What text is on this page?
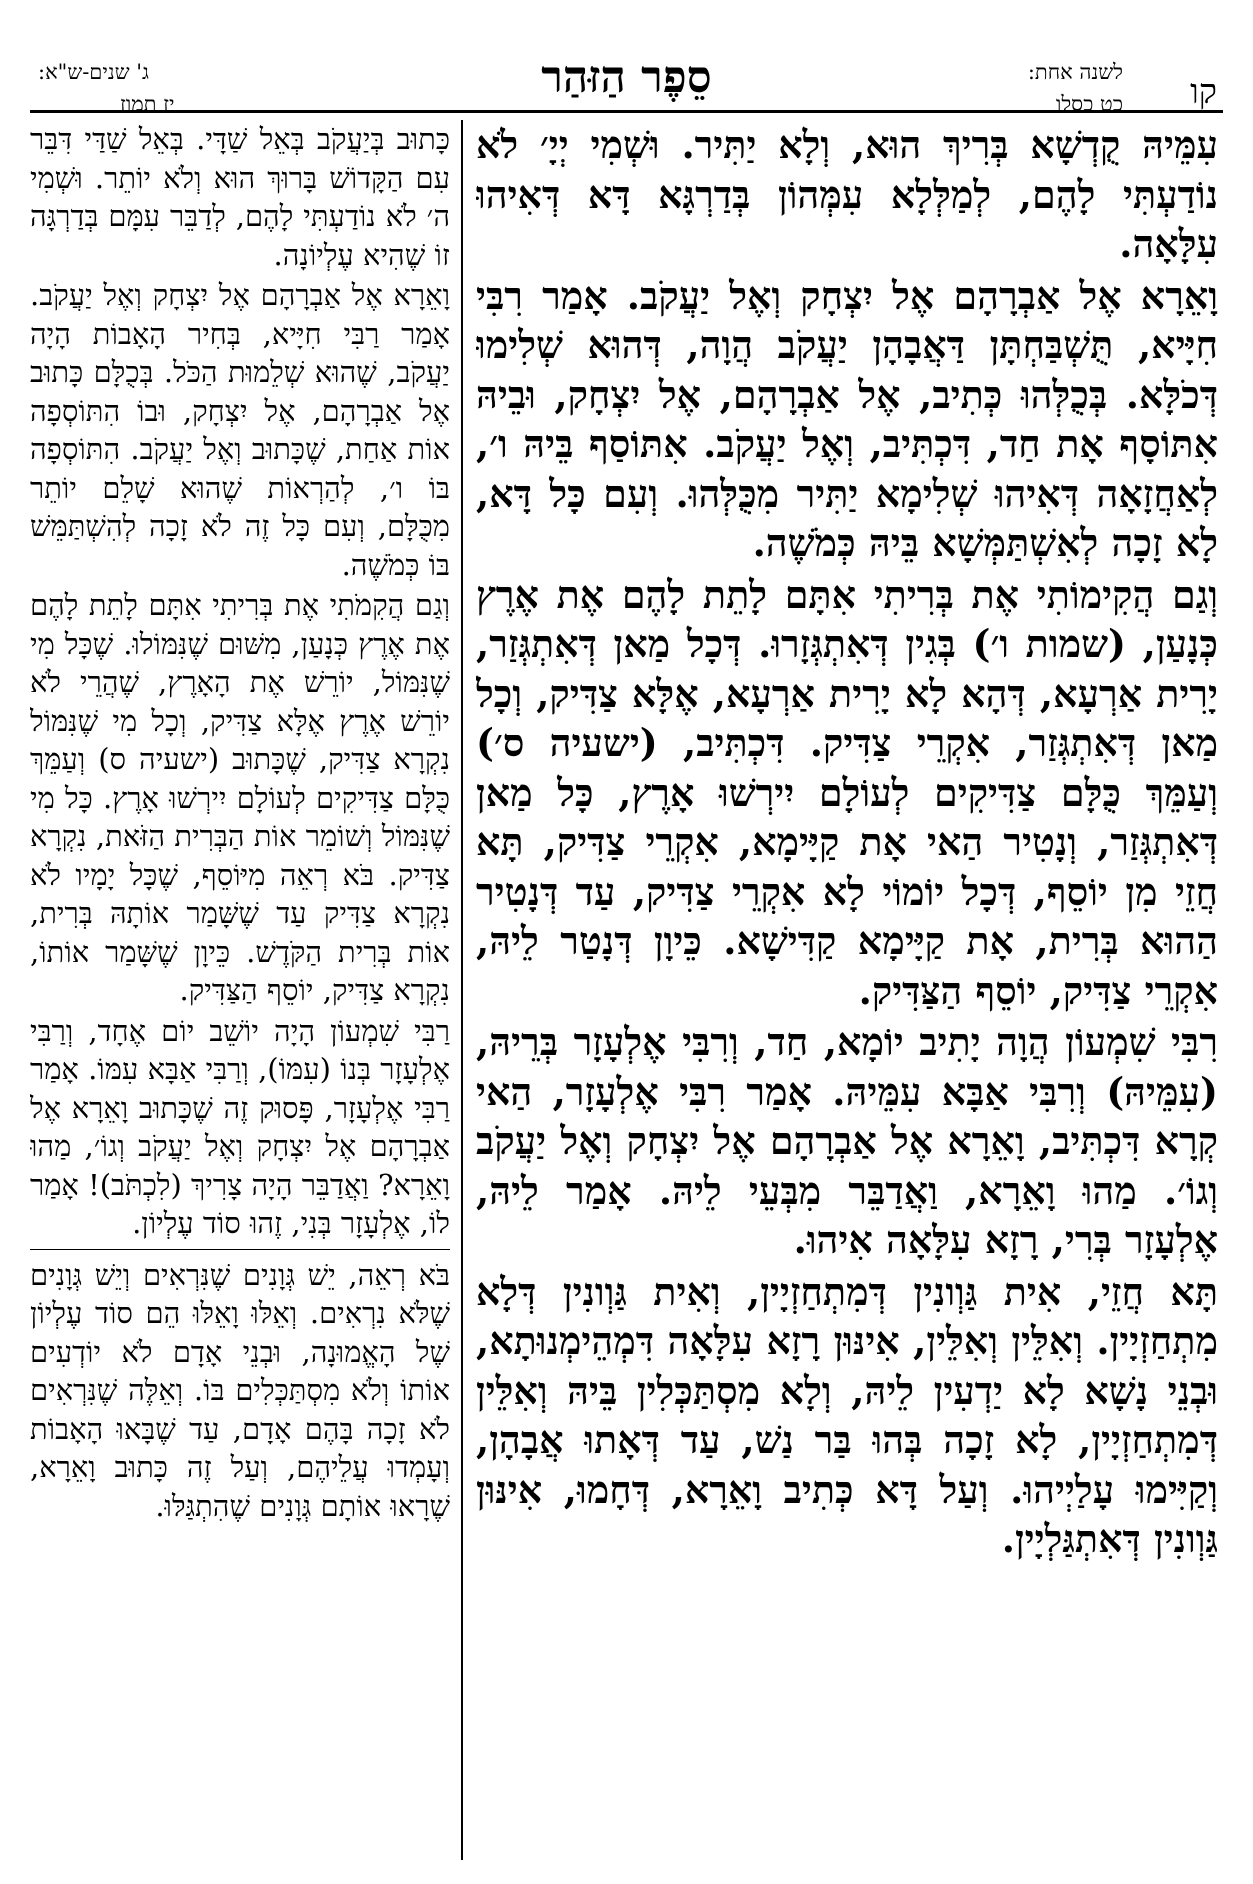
קו
לשנה אחת:
כט כסלו
סֵפֶר הַזּהַר
ג' שנים-ש"א:
יז תמוז

עִמֵּיהּ קֻדְשָׁא בְּרִיךְ הוּא, וְלָא יַתִּיר. וּשְׁמִי יְיָ׳ לֹא נוֹדַעְתִּי לָהֶם, לְמַלְּלָא עִמְּהוֹן בְּדַרְגָּא דָּא דְּאִיהוּ עִלָּאָה.

וָאֵרָא אֶל אַבְרָהָם אֶל יִצְחָק וְאֶל יַעֲקֹב. אָמַר רִבִּי חִיָּיא, תֻּשְׁבַּחְתָּן דַּאֲבָהָן יַעֲקֹב הֲוָה, דְּהוּא שְׁלִימוּ דְּכֹלָּא. בְּכֻלְּהוּ כְּתִיב, אֶל אַבְרָהָם, אֶל יִצְחָק, וּבֵיהּ אִתּוֹסָף אָת חַד, דִּכְתִּיב, וְאֶל יַעֲקֹב. אִתּוֹסַף בֵּיהּ ו׳, לְאַחֲזָאָה דְּאִיהוּ שְׁלִימָא יַתִּיר מִכֻּלְּהוּ. וְעִם כָּל דָּא, לָא זָכָה לְאִשְׁתַּמְּשָׁא בֵּיהּ כְּמֹשֶׁה.

וְגַם הֲקִימוֹתִי אֶת בְּרִיתִי אִתָּם לָתֵת לָהֶם אֶת אֶרֶץ כְּנָעַן, (שמות ו׳) בְּגִין דְּאִתְגְּזָרוּ. דְּכָל מַאן דְּאִתְגְּזַר, יָרִית אַרְעָא, דְּהָא לָא יָרִית אַרְעָא, אֶלָּא צַדִּיק, וְכָל מַאן דְּאִתְגְּזַר, אִקְרֵי צַדִּיק. דִּכְתִּיב, (ישעיה ס׳) וְעַמֵּךְ כֻּלָּם צַדִּיקִים לְעוֹלָם יִירְשׁוּ אָרֶץ, כָּל מַאן דְּאִתְגְּזַר, וְנָטִיר הַאי אָת קַיָּימָא, אִקְרֵי צַדִּיק, תָּא חֲזֵי מִן יוֹסֵף, דְּכָל יוֹמוֹי לָא אִקְרֵי צַדִּיק, עַד דְּנָטִיר הַהוּא בְּרִית, אָת קַיָּימָא קַדִּישָׁא. כֵּיוָן דְּנָטַר לֵיהּ, אִקְרֵי צַדִּיק, יוֹסֵף הַצַּדִּיק.

רִבִּי שִׁמְעוֹן הֲוָה יָתִיב יוֹמָא, חַד, וְרִבִּי אֶלְעָזָר בְּרֵיהּ, (עִמֵּיהּ) וְרִבִּי אַבָּא עִמֵּיהּ. אָמַר רִבִּי אֶלְעָזָר, הַאי קְרָא דִּכְתִּיב, וָאֵרָא אֶל אַבְרָהָם אֶל יִצְחָק וְאֶל יַעֲקֹב וְגוֹ׳. מַהוּ וָאֵרָא, וַאֲדַבֵּר מִבְּעֵי לֵיהּ. אָמַר לֵיהּ, אֶלְעָזָר בְּרִי, רָזָא עִלָּאָה אִיהוּ.

תָּא חֲזֵי, אִית גַּוְונִין דְּמִתְחַזְיָין, וְאִית גַּוְונִין דְּלָא מִתְחַזְיָין. וְאִלֵּין וְאִלֵּין, אִינּוּן רָזָא עִלָּאָה דִּמְהֵימְנוּתָא, וּבְנֵי נָשָׁא לָא יַדְעִין לֵיהּ, וְלָא מִסְתַּכְּלִין בֵּיהּ וְאִלֵּין דְּמִתְחַזְיָין, לָא זָכָה בְּהוּ בַּר נַשׁ, עַד דְּאָתוּ אֲבָהָן, וְקַיִּימוּ עָלַיְיהוּ. וְעַל דָּא כְּתִיב וָאֵרָא, דְּחָמוּ, אִינּוּן גַּוְונִין דְּאִתְגַּלְיָין.

כָּתוּב בְּיַעֲקֹב בְּאֵל שַׁדָּי. בְּאֵל שַׁדַּי דִּבֵּר עִם הַקָּדוֹשׁ בָּרוּךְ הוּא וְלֹא יוֹתֵר. וּשְׁמִי ה׳ לֹא נוֹדַעְתִּי לָהֶם, לְדַבֵּר עִמָּם בְּדַרְגָּה זוֹ שֶׁהִיא עֶלְיוֹנָה.

וָאֵרָא אֶל אַבְרָהָם אֶל יִצְחָק וְאֶל יַעֲקֹב. אָמַר רַבִּי חִיָּיא, בְּחִיר הָאָבוֹת הָיָה יַעֲקֹב, שֶׁהוּא שְׁלֵמוּת הַכֹּל. בְּכֻלָּם כָּתוּב אֶל אַבְרָהָם, אֶל יִצְחָק, וּבוֹ הִתּוֹסְפָה אוֹת אַחַת, שֶׁכָּתוּב וְאֶל יַעֲקֹב. הִתּוֹסְפָה בּוֹ ו׳, לְהַרְאוֹת שֶׁהוּא שָׁלֵם יוֹתֵר מִכֻּלָּם, וְעִם כָּל זֶה לֹא זָכָה לְהִשְׁתַּמֵּשׁ בּוֹ כְּמֹשֶׁה.

וְגַם הֲקִמֹתִי אֶת בְּרִיתִי אִתָּם לָתֵת לָהֶם אֶת אֶרֶץ כְּנָעַן, מִשּׁוּם שֶׁנִּמּוֹלוּ. שֶׁכָּל מִי שֶׁנִּמּוֹל, יוֹרֵשׁ אֶת הָאָרֶץ, שֶׁהֲרֵי לֹא יוֹרֵשׁ אֶרֶץ אֶלָּא צַדִּיק, וְכָל מִי שֶׁנִּמּוֹל נִקְרָא צַדִּיק, שֶׁכָּתוּב (ישעיה ס) וְעַמֵּךְ כֻּלָּם צַדִּיקִים לְעוֹלָם יִירְשׁוּ אָרֶץ. כָּל מִי שֶׁנִּמּוֹל וְשׁוֹמֵר אוֹת הַבְּרִית הַזֹּאת, נִקְרָא צַדִּיק. בֹּא רְאֵה מִיּוֹסֵף, שֶׁכָּל יָמָיו לֹא נִקְרָא צַדִּיק עַד שֶׁשָּׁמַר אוֹתָהּ בְּרִית, אוֹת בְּרִית הַקֹּדֶשׁ. כֵּיוָן שֶׁשָּׁמַר אוֹתוֹ, נִקְרָא צַדִּיק, יוֹסֵף הַצַּדִּיק.

רַבִּי שִׁמְעוֹן הָיָה יוֹשֵׁב יוֹם אֶחָד, וְרַבִּי אֶלְעָזָר בְּנוֹ (עִמּוֹ), וְרַבִּי אַבָּא עִמּוֹ. אָמַר רַבִּי אֶלְעָזָר, פָּסוּק זֶה שֶׁכָּתוּב וָאֵרָא אֶל אַבְרָהָם אֶל יִצְחָק וְאֶל יַעֲקֹב וְגוֹ׳, מַהוּ וָאֵרָא? וַאֲדַבֵּר הָיָה צָרִיךְ (לִכְתֹּב)! אָמַר לוֹ, אֶלְעָזָר בְּנִי, זֶהוּ סוֹד עֶלְיוֹן.

בֹּא רְאֵה, יֵשׁ גְּוָנִים שֶׁנִּרְאִים וְיֵשׁ גְּוָנִים שֶׁלֹּא נִרְאִים. וְאֵלּוּ וָאֵלּוּ הֵם סוֹד עֶלְיוֹן שֶׁל הָאֱמוּנָה, וּבְנֵי אָדָם לֹא יוֹדְעִים אוֹתוֹ וְלֹא מִסְתַּכְּלִים בּוֹ. וְאֵלֶּה שֶׁנִּרְאִים לֹא זָכָה בָּהֶם אָדָם, עַד שֶׁבָּאוּ הָאָבוֹת וְעָמְדוּ עֲלֵיהֶם, וְעַל זֶה כָּתוּב וָאֵרָא, שֶׁרָאוּ אוֹתָם גְּוָנִים שֶׁהִתְגַּלּוּ.
